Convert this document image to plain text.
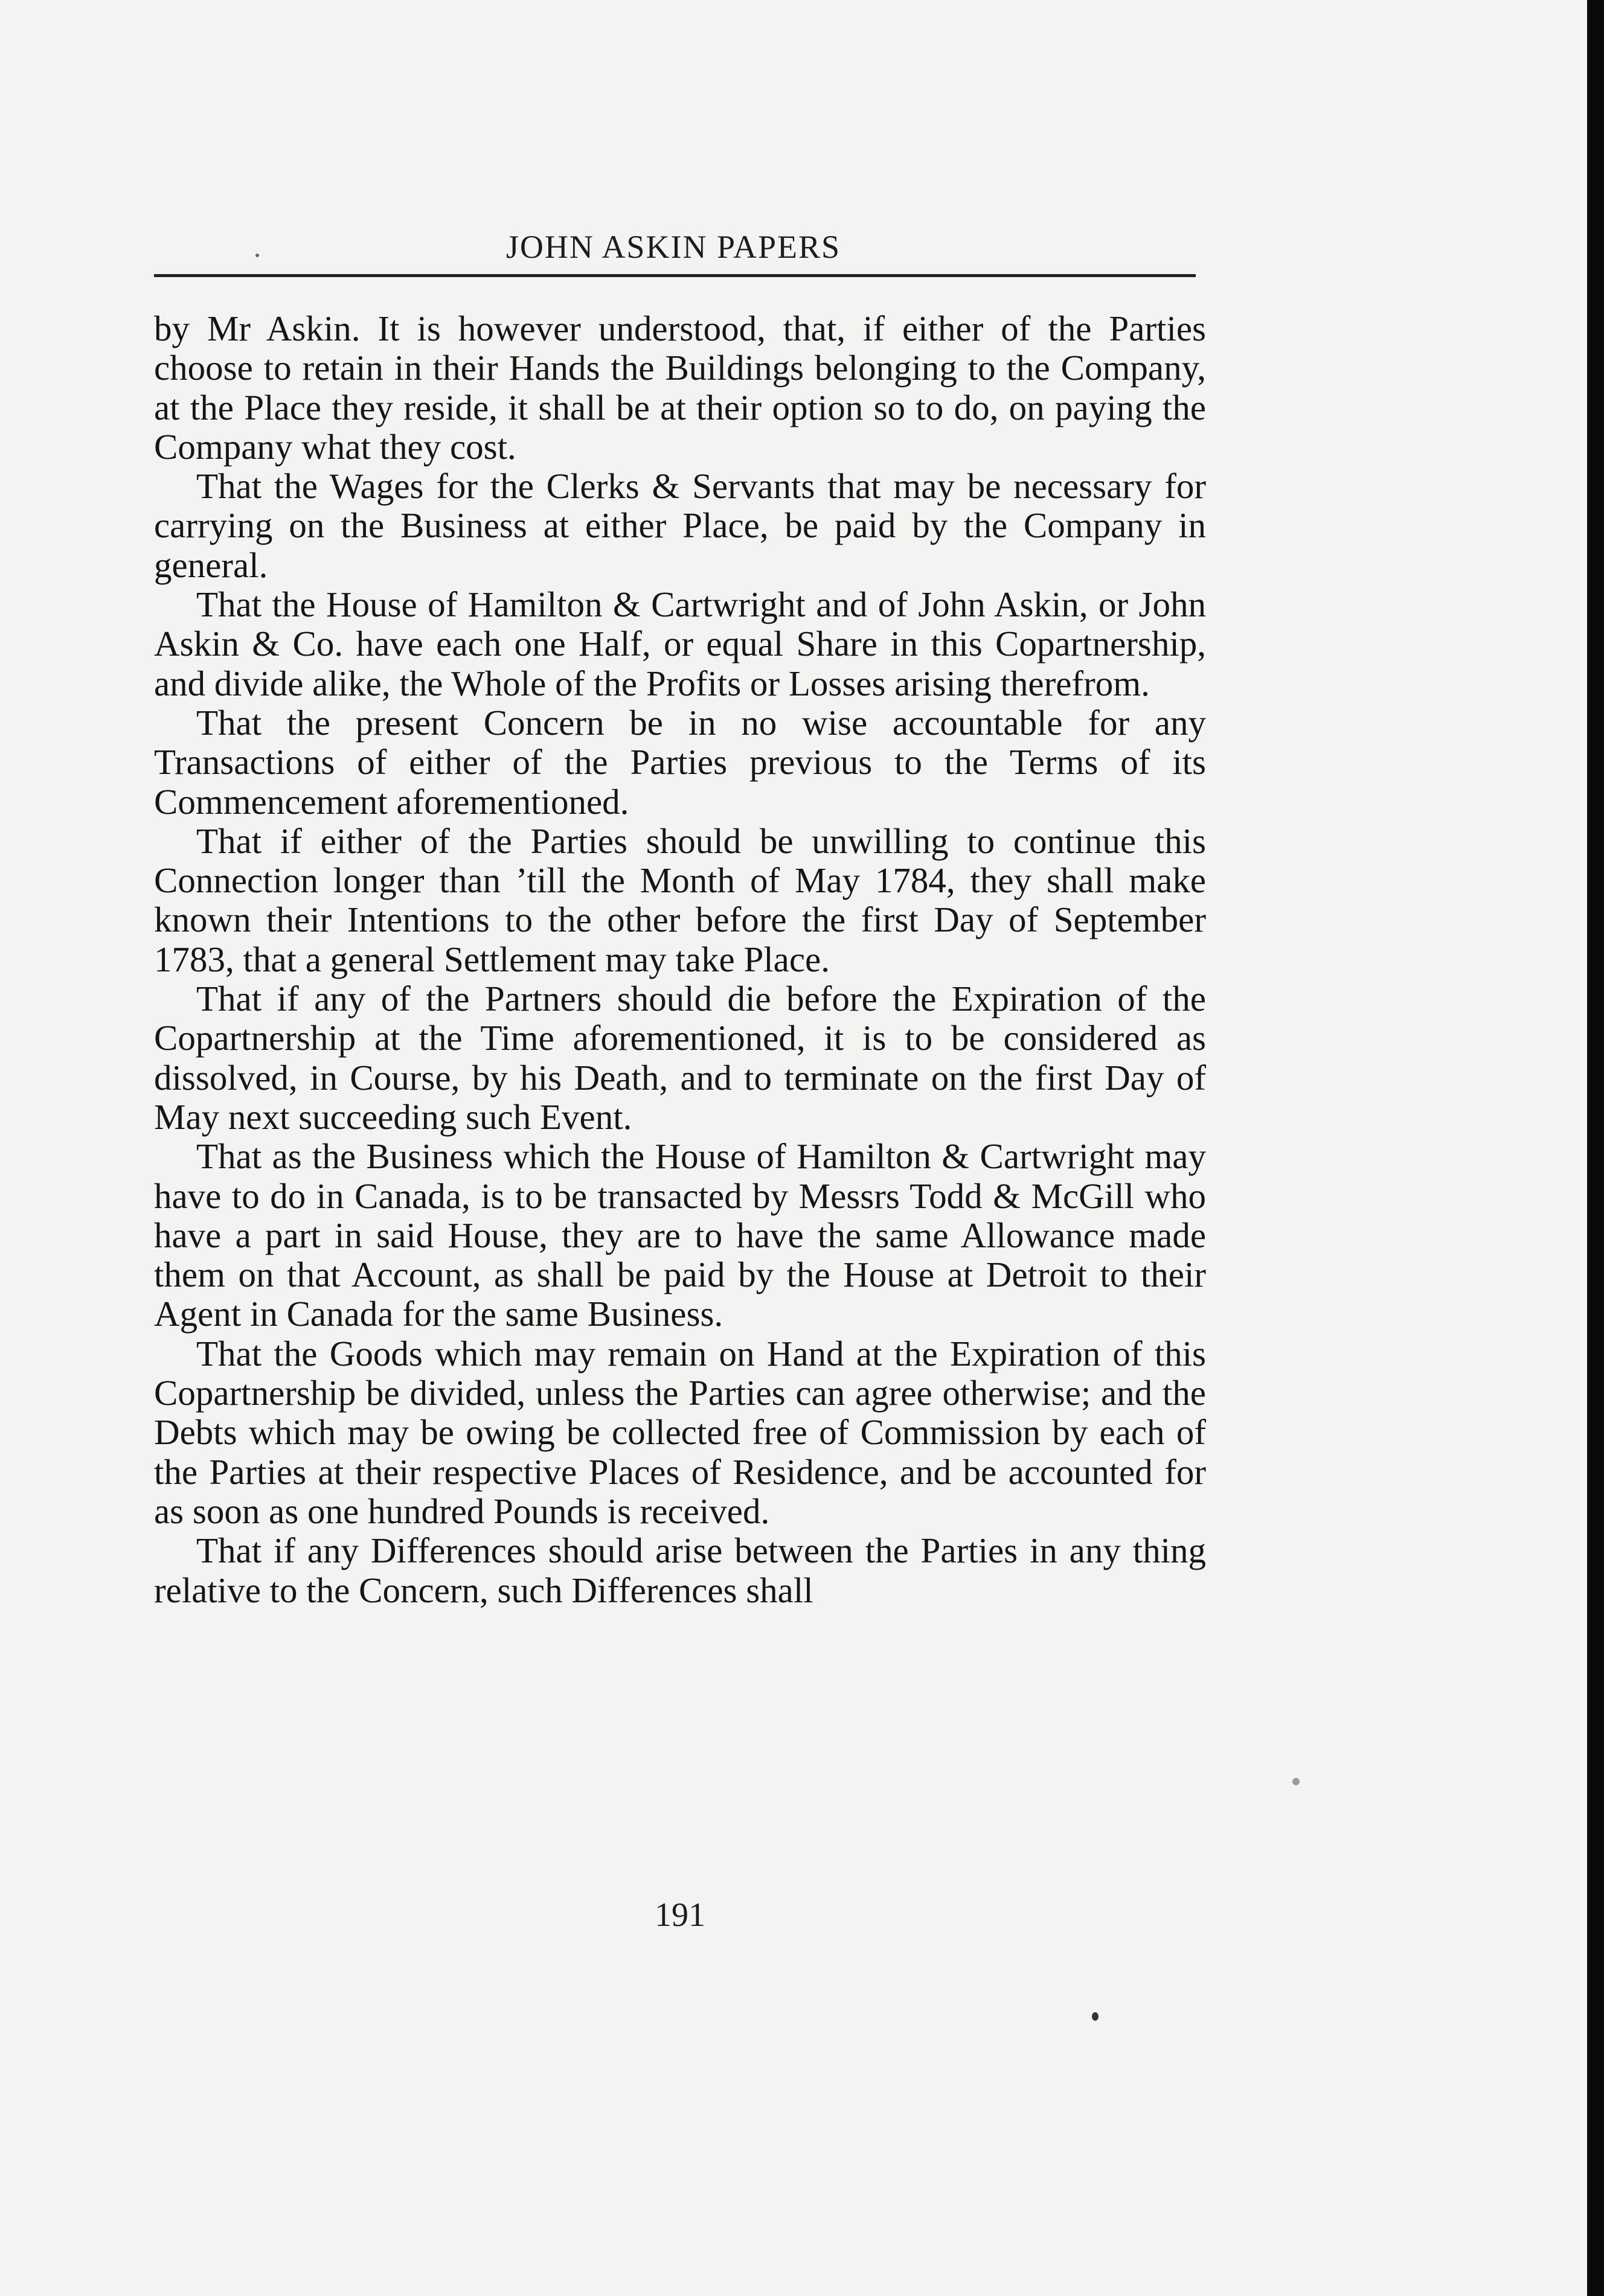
JOHN ASKIN PAPERS

by Mr Askin. It is however understood, that, if either of the Parties choose to retain in their Hands the Buildings belonging to the Company, at the Place they reside, it shall be at their option so to do, on paying the Company what they cost.

That the Wages for the Clerks & Servants that may be necessary for carrying on the Business at either Place, be paid by the Company in general.

That the House of Hamilton & Cartwright and of John Askin, or John Askin & Co. have each one Half, or equal Share in this Copartnership, and divide alike, the Whole of the Profits or Losses arising therefrom.

That the present Concern be in no wise accountable for any Transactions of either of the Parties previous to the Terms of its Commencement aforementioned.

That if either of the Parties should be unwilling to continue this Connection longer than ’till the Month of May 1784, they shall make known their Intentions to the other before the first Day of September 1783, that a general Settlement may take Place.

That if any of the Partners should die before the Expiration of the Copartnership at the Time aforementioned, it is to be considered as dissolved, in Course, by his Death, and to terminate on the first Day of May next succeeding such Event.

That as the Business which the House of Hamilton & Cartwright may have to do in Canada, is to be transacted by Messrs Todd & McGill who have a part in said House, they are to have the same Allowance made them on that Account, as shall be paid by the House at Detroit to their Agent in Canada for the same Business.

That the Goods which may remain on Hand at the Expiration of this Copartnership be divided, unless the Parties can agree otherwise; and the Debts which may be owing be collected free of Commission by each of the Parties at their respective Places of Residence, and be accounted for as soon as one hundred Pounds is received.

That if any Differences should arise between the Parties in any thing relative to the Concern, such Differences shall

191
